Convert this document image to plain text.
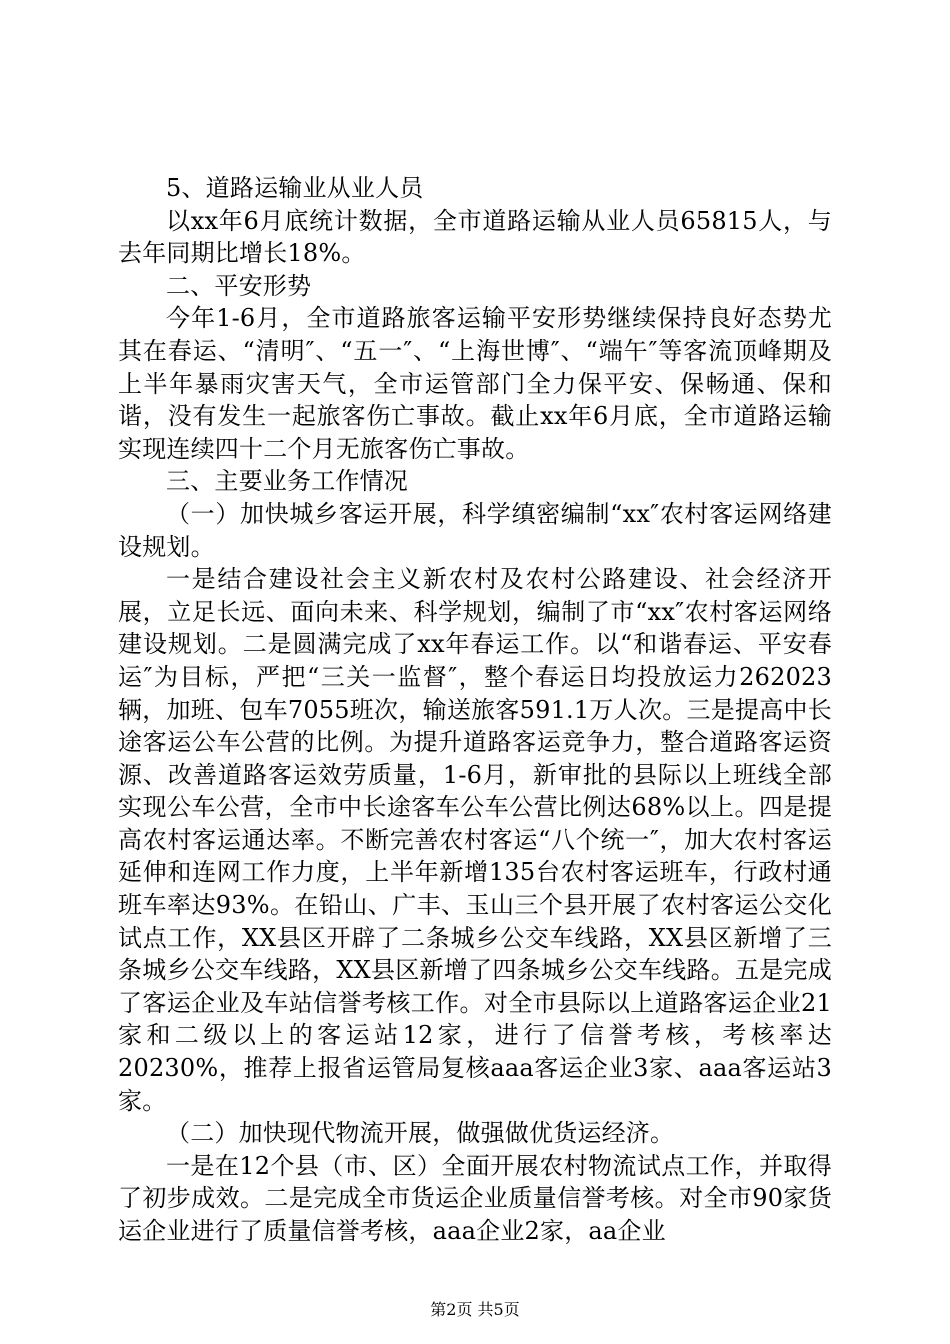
5、道路运输业从业人员

以xx年6月底统计数据，全市道路运输从业人员65815人，与去年同期比增长18%。

二、平安形势

今年1-6月，全市道路旅客运输平安形势继续保持良好态势尤其在春运、“清明″、“五一″、“上海世博″、“端午″等客流顶峰期及上半年暴雨灾害天气，全市运管部门全力保平安、保畅通、保和谐，没有发生一起旅客伤亡事故。截止xx年6月底，全市道路运输实现连续四十二个月无旅客伤亡事故。

三、主要业务工作情况

（一）加快城乡客运开展，科学缜密编制“xx″农村客运网络建设规划。

一是结合建设社会主义新农村及农村公路建设、社会经济开展，立足长远、面向未来、科学规划，编制了市“xx″农村客运网络建设规划。二是圆满完成了xx年春运工作。以“和谐春运、平安春运″为目标，严把“三关一监督″，整个春运日均投放运力262023辆，加班、包车7055班次，输送旅客591.1万人次。三是提高中长途客运公车公营的比例。为提升道路客运竞争力，整合道路客运资源、改善道路客运效劳质量，1-6月，新审批的县际以上班线全部实现公车公营，全市中长途客车公车公营比例达68%以上。四是提高农村客运通达率。不断完善农村客运“八个统一″，加大农村客运延伸和连网工作力度，上半年新增135台农村客运班车，行政村通班车率达93%。在铅山、广丰、玉山三个县开展了农村客运公交化试点工作，XX县区开辟了二条城乡公交车线路，XX县区新增了三条城乡公交车线路，XX县区新增了四条城乡公交车线路。五是完成了客运企业及车站信誉考核工作。对全市县际以上道路客运企业21家和二级以上的客运站12家，进行了信誉考核，考核率达20230%，推荐上报省运管局复核aaa客运企业3家、aaa客运站3家。

（二）加快现代物流开展，做强做优货运经济。

一是在12个县（市、区）全面开展农村物流试点工作，并取得了初步成效。二是完成全市货运企业质量信誉考核。对全市90家货运企业进行了质量信誉考核，aaa企业2家，aa企业

第2页 共5页
